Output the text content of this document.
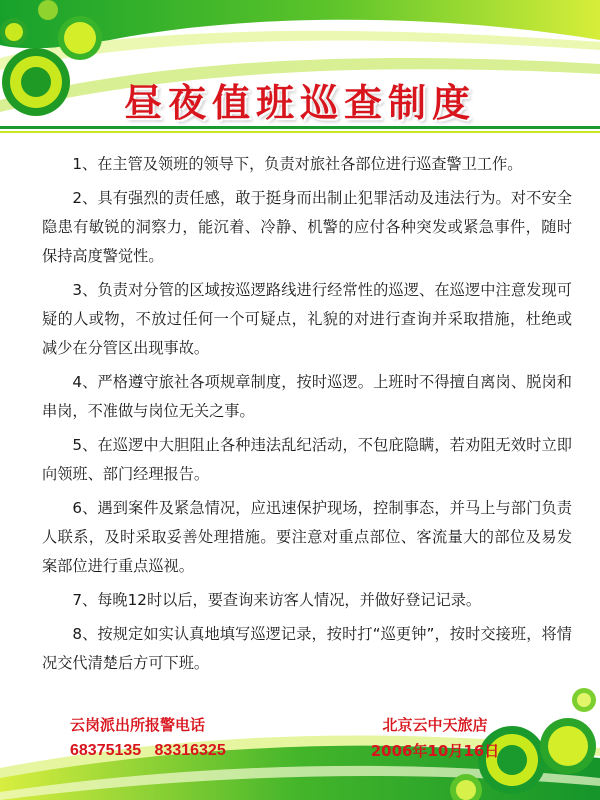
昼夜值班巡查制度

1、在主管及领班的领导下，负责对旅社各部位进行巡查警卫工作。

2、具有强烈的责任感，敢于挺身而出制止犯罪活动及违法行为。对不安全隐患有敏锐的洞察力，能沉着、冷静、机警的应付各种突发或紧急事件，随时保持高度警觉性。

3、负责对分管的区域按巡逻路线进行经常性的巡逻、在巡逻中注意发现可疑的人或物，不放过任何一个可疑点，礼貌的对进行查询并采取措施，杜绝或减少在分管区出现事故。

4、严格遵守旅社各项规章制度，按时巡逻。上班时不得擅自离岗、脱岗和串岗，不准做与岗位无关之事。

5、在巡逻中大胆阻止各种违法乱纪活动，不包庇隐瞒，若劝阻无效时立即向领班、部门经理报告。

6、遇到案件及紧急情况，应迅速保护现场，控制事态，并马上与部门负责人联系，及时采取妥善处理措施。要注意对重点部位、客流量大的部位及易发案部位进行重点巡视。

7、每晚12时以后，要查询来访客人情况，并做好登记记录。

8、按规定如实认真地填写巡逻记录，按时打“巡更钟”，按时交接班，将情况交代清楚后方可下班。

云岗派出所报警电话
68375135   83316325
北京云中天旅店
2006年10月16日
